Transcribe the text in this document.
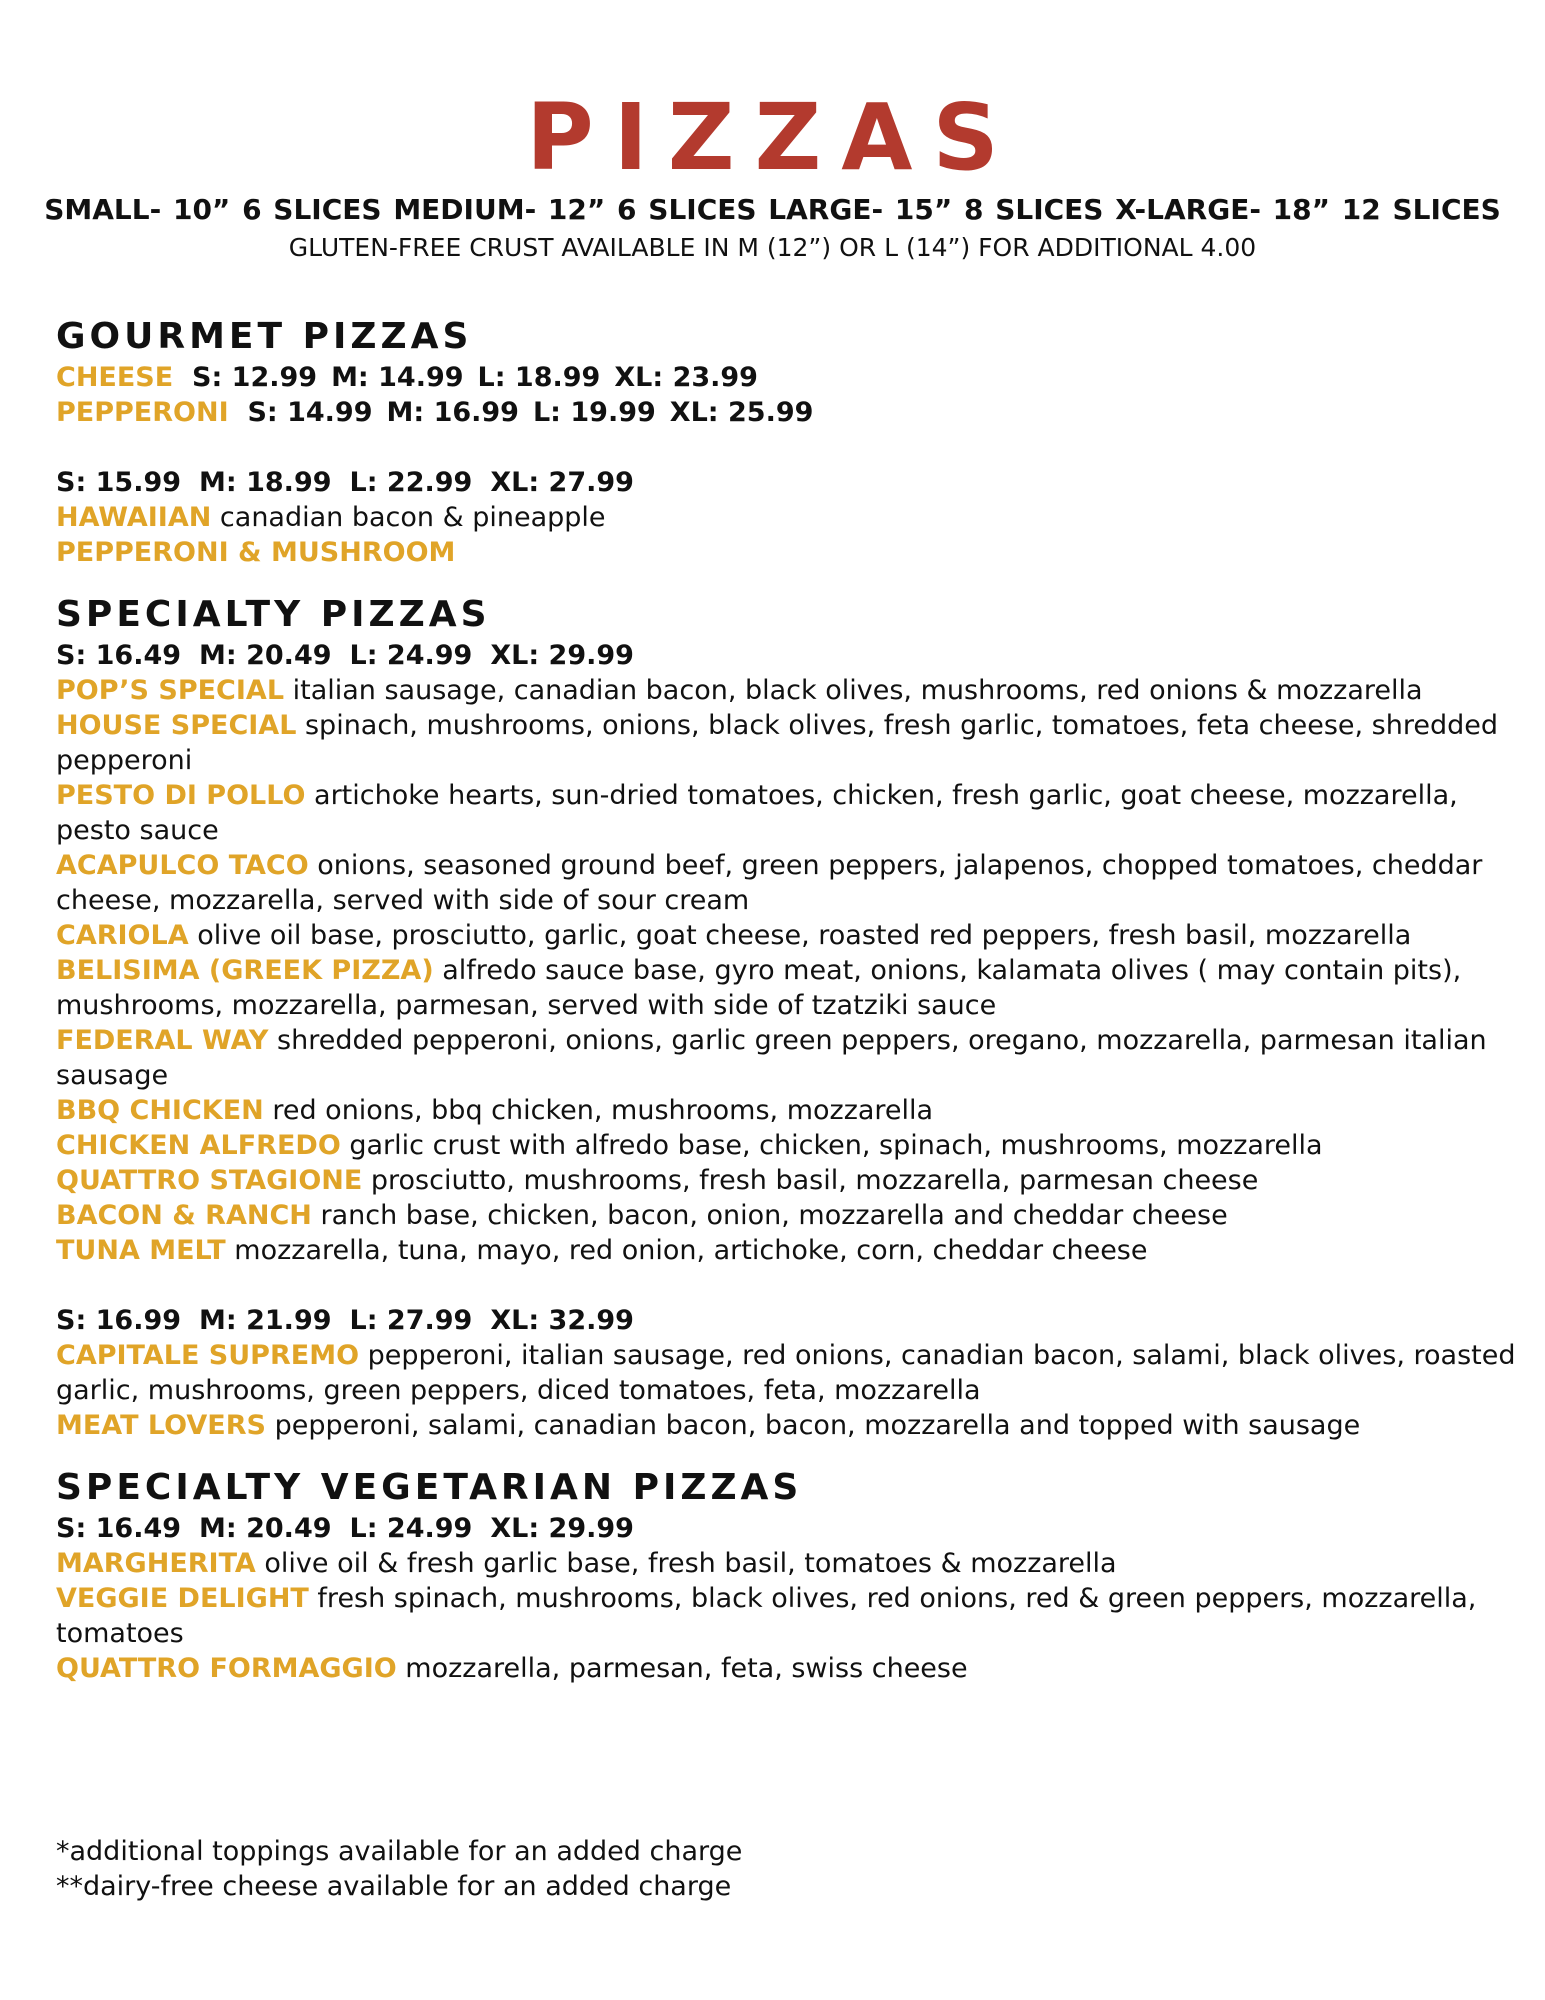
PIZZAS
SMALL- 10” 6 SLICES MEDIUM- 12” 6 SLICES LARGE- 15” 8 SLICES X-LARGE- 18” 12 SLICES
GLUTEN-FREE CRUST AVAILABLE IN M (12”) OR L (14”) FOR ADDITIONAL 4.00
GOURMET PIZZAS
CHEESE S: 12.99 M: 14.99 L: 18.99 XL: 23.99
PEPPERONI S: 14.99 M: 16.99 L: 19.99 XL: 25.99
S: 15.99 M: 18.99 L: 22.99 XL: 27.99
HAWAIIAN canadian bacon & pineapple
PEPPERONI & MUSHROOM
SPECIALTY PIZZAS
S: 16.49 M: 20.49 L: 24.99 XL: 29.99
POP’S SPECIAL italian sausage, canadian bacon, black olives, mushrooms, red onions & mozzarella
HOUSE SPECIAL spinach, mushrooms, onions, black olives, fresh garlic, tomatoes, feta cheese, shredded pepperoni
PESTO DI POLLO artichoke hearts, sun-dried tomatoes, chicken, fresh garlic, goat cheese, mozzarella, pesto sauce
ACAPULCO TACO onions, seasoned ground beef, green peppers, jalapenos, chopped tomatoes, cheddar cheese, mozzarella, served with side of sour cream
CARIOLA olive oil base, prosciutto, garlic, goat cheese, roasted red peppers, fresh basil, mozzarella
BELISIMA (GREEK PIZZA) alfredo sauce base, gyro meat, onions, kalamata olives ( may contain pits), mushrooms, mozzarella, parmesan, served with side of tzatziki sauce
FEDERAL WAY shredded pepperoni, onions, garlic green peppers, oregano, mozzarella, parmesan italian sausage
BBQ CHICKEN red onions, bbq chicken, mushrooms, mozzarella
CHICKEN ALFREDO garlic crust with alfredo base, chicken, spinach, mushrooms, mozzarella
QUATTRO STAGIONE prosciutto, mushrooms, fresh basil, mozzarella, parmesan cheese
BACON & RANCH ranch base, chicken, bacon, onion, mozzarella and cheddar cheese
TUNA MELT mozzarella, tuna, mayo, red onion, artichoke, corn, cheddar cheese
S: 16.99 M: 21.99 L: 27.99 XL: 32.99
CAPITALE SUPREMO pepperoni, italian sausage, red onions, canadian bacon, salami, black olives, roasted garlic, mushrooms, green peppers, diced tomatoes, feta, mozzarella
MEAT LOVERS pepperoni, salami, canadian bacon, bacon, mozzarella and topped with sausage
SPECIALTY VEGETARIAN PIZZAS
S: 16.49 M: 20.49 L: 24.99 XL: 29.99
MARGHERITA olive oil & fresh garlic base, fresh basil, tomatoes & mozzarella
VEGGIE DELIGHT fresh spinach, mushrooms, black olives, red onions, red & green peppers, mozzarella, tomatoes
QUATTRO FORMAGGIO mozzarella, parmesan, feta, swiss cheese
*additional toppings available for an added charge
**dairy-free cheese available for an added charge
